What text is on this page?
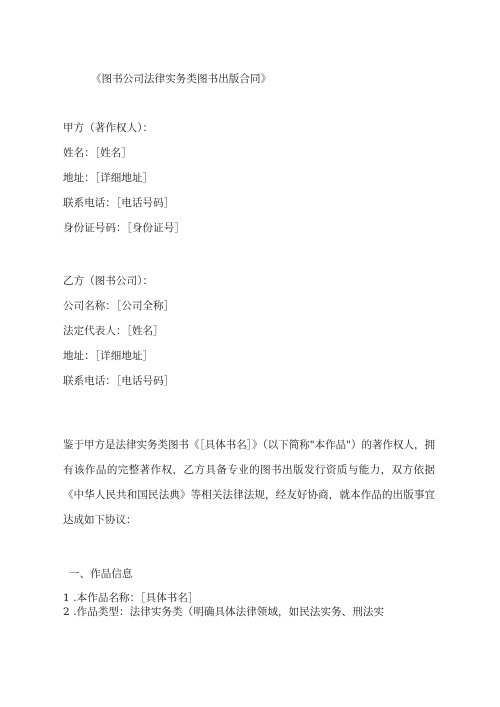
《图书公司法律实务类图书出版合同》
甲方（著作权人）：
姓名：［姓名］
地址：［详细地址］
联系电话：［电话号码］
身份证号码：［身份证号］
乙方（图书公司）：
公司名称：［公司全称］
法定代表人：［姓名］
地址：［详细地址］
联系电话：［电话号码］
鉴于甲方是法律实务类图书《［具体书名］》（以下简称"本作品"）的著作权人，拥有该作品的完整著作权，乙方具备专业的图书出版发行资质与能力，双方依据《中华人民共和国民法典》等相关法律法规，经友好协商，就本作品的出版事宜达成如下协议：
一、作品信息
1 .本作品名称：［具体书名］
2 .作品类型：法律实务类（明确具体法律领域，如民法实务、刑法实
